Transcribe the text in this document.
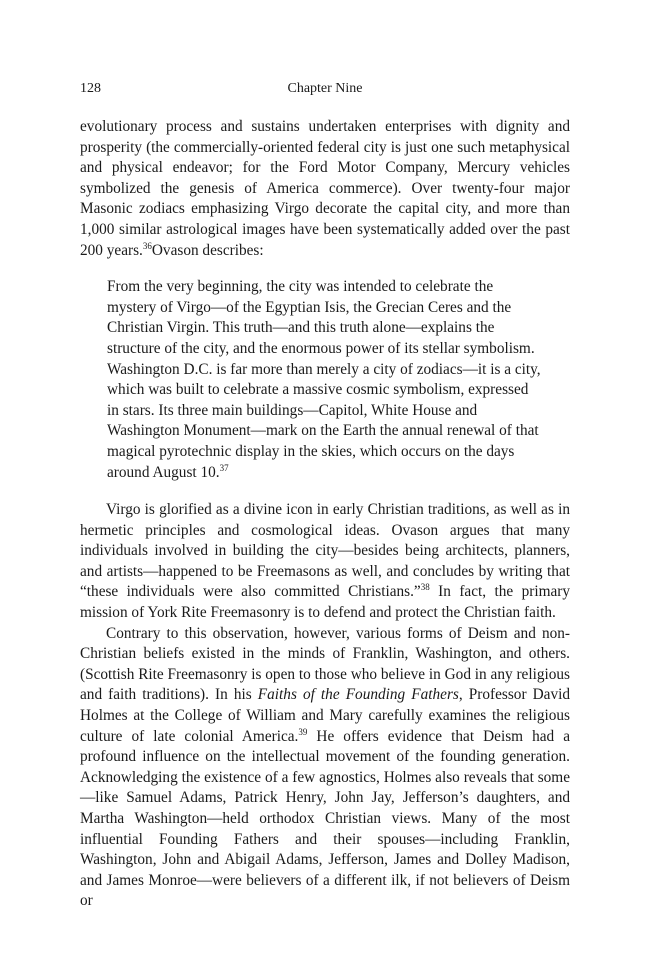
128	Chapter Nine

evolutionary process and sustains undertaken enterprises with dignity and prosperity (the commercially-oriented federal city is just one such metaphysical and physical endeavor; for the Ford Motor Company, Mercury vehicles symbolized the genesis of America commerce). Over twenty-four major Masonic zodiacs emphasizing Virgo decorate the capital city, and more than 1,000 similar astrological images have been systematically added over the past 200 years.$^{36}$Ovason describes:

From the very beginning, the city was intended to celebrate the mystery of Virgo—of the Egyptian Isis, the Grecian Ceres and the Christian Virgin. This truth—and this truth alone—explains the structure of the city, and the enormous power of its stellar symbolism. Washington D.C. is far more than merely a city of zodiacs—it is a city, which was built to celebrate a massive cosmic symbolism, expressed in stars. Its three main buildings—Capitol, White House and Washington Monument—mark on the Earth the annual renewal of that magical pyrotechnic display in the skies, which occurs on the days around August 10.37

Virgo is glorified as a divine icon in early Christian traditions, as well as in hermetic principles and cosmological ideas. Ovason argues that many individuals involved in building the city—besides being architects, planners, and artists—happened to be Freemasons as well, and concludes by writing that “these individuals were also committed Christians.”$^{38}$ In fact, the primary mission of York Rite Freemasonry is to defend and protect the Christian faith.

Contrary to this observation, however, various forms of Deism and non-Christian beliefs existed in the minds of Franklin, Washington, and others. (Scottish Rite Freemasonry is open to those who believe in God in any religious and faith traditions). In his Faiths of the Founding Fathers, Professor David Holmes at the College of William and Mary carefully examines the religious culture of late colonial America.$^{39}$ He offers evidence that Deism had a profound influence on the intellectual movement of the founding generation. Acknowledging the existence of a few agnostics, Holmes also reveals that some—like Samuel Adams, Patrick Henry, John Jay, Jefferson’s daughters, and Martha Washington—held orthodox Christian views. Many of the most influential Founding Fathers and their spouses—including Franklin, Washington, John and Abigail Adams, Jefferson, James and Dolley Madison, and James Monroe—were believers of a different ilk, if not believers of Deism or
